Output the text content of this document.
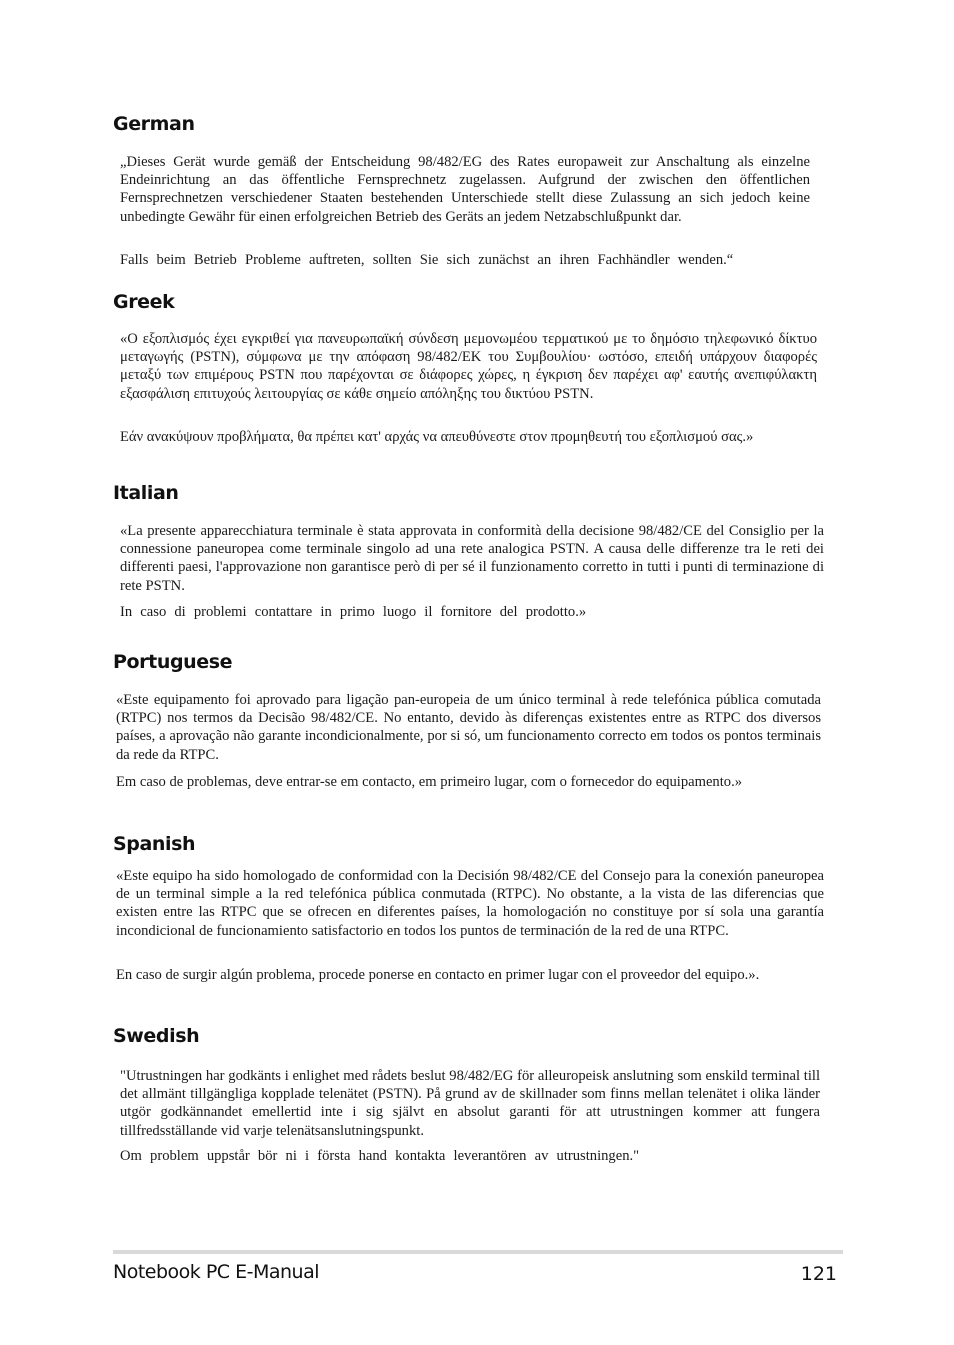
German

„Dieses Gerät wurde gemäß der Entscheidung 98/482/EG des Rates europaweit zur Anschaltung als einzelne Endeinrichtung an das öffentliche Fernsprechnetz zugelassen. Aufgrund der zwischen den öffentlichen Fernsprechnetzen verschiedener Staaten bestehenden Unterschiede stellt diese Zulassung an sich jedoch keine unbedingte Gewähr für einen erfolgreichen Betrieb des Geräts an jedem Netzabschlußpunkt dar.

Falls beim Betrieb Probleme auftreten, sollten Sie sich zunächst an ihren Fachhändler wenden.“

Greek

«Ο εξοπλισμός έχει εγκριθεί για πανευρωπαϊκή σύνδεση μεμονωμέου τερματικού με το δημόσιο τηλεφωνικό δίκτυο μεταγωγής (PSTN), σύμφωνα με την απόφαση 98/482/ΕΚ του Συμβουλίου· ωστόσο, επειδή υπάρχουν διαφορές μεταξύ των επιμέρους PSTN που παρέχονται σε διάφορες χώρες, η έγκριση δεν παρέχει αφ' εαυτής ανεπιφύλακτη εξασφάλιση επιτυχούς λειτουργίας σε κάθε σημείο απόληξης του δικτύου PSTN.

Εάν ανακύψουν προβλήματα, θα πρέπει κατ' αρχάς να απευθύνεστε στον προμηθευτή του εξοπλισμού σας.»

Italian

«La presente apparecchiatura terminale è stata approvata in conformità della decisione 98/482/CE del Consiglio per la connessione paneuropea come terminale singolo ad una rete analogica PSTN. A causa delle differenze tra le reti dei differenti paesi, l'approvazione non garantisce però di per sé il funzionamento corretto in tutti i punti di terminazione di rete PSTN.

In caso di problemi contattare in primo luogo il fornitore del prodotto.»

Portuguese

«Este equipamento foi aprovado para ligação pan-europeia de um único terminal à rede telefónica pública comutada (RTPC) nos termos da Decisão 98/482/CE. No entanto, devido às diferenças existentes entre as RTPC dos diversos países, a aprovação não garante incondicionalmente, por si só, um funcionamento correcto em todos os pontos terminais da rede da RTPC.

Em caso de problemas, deve entrar-se em contacto, em primeiro lugar, com o fornecedor do equipamento.»

Spanish

«Este equipo ha sido homologado de conformidad con la Decisión 98/482/CE del Consejo para la conexión paneuropea de un terminal simple a la red telefónica pública conmutada (RTPC). No obstante, a la vista de las diferencias que existen entre las RTPC que se ofrecen en diferentes países, la homologación no constituye por sí sola una garantía incondicional de funcionamiento satisfactorio en todos los puntos de terminación de la red de una RTPC.

En caso de surgir algún problema, procede ponerse en contacto en primer lugar con el proveedor del equipo.».

Swedish

"Utrustningen har godkänts i enlighet med rådets beslut 98/482/EG för alleuropeisk anslutning som enskild terminal till det allmänt tillgängliga kopplade telenätet (PSTN). På grund av de skillnader som finns mellan telenätet i olika länder utgör godkännandet emellertid inte i sig självt en absolut garanti för att utrustningen kommer att fungera tillfredsställande vid varje telenätsanslutningspunkt.

Om problem uppstår bör ni i första hand kontakta leverantören av utrustningen."

Notebook PC E-Manual	121
